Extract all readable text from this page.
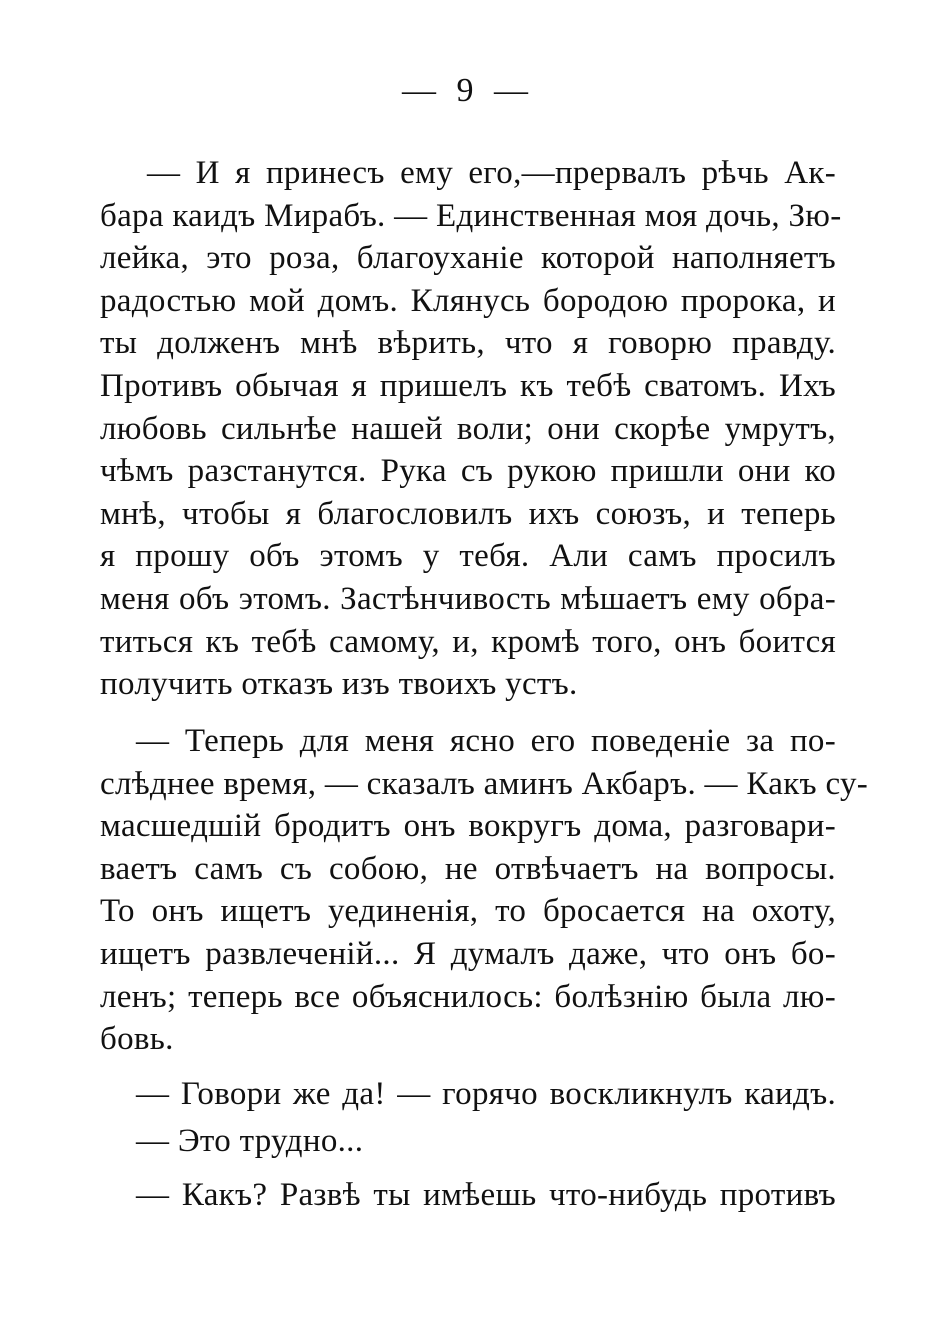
— 9 —
— И я принесъ ему его,—прервалъ рѣчь Ак-
бара каидъ Мирабъ. — Единственная моя дочь, Зю-
лейка, это роза, благоуханіе которой наполняетъ
радостью мой домъ. Клянусь бородою пророка, и
ты долженъ мнѣ вѣрить, что я говорю правду.
Противъ обычая я пришелъ къ тебѣ сватомъ. Ихъ
любовь сильнѣе нашей воли; они скорѣе умрутъ,
чѣмъ разстанутся. Рука съ рукою пришли они ко
мнѣ, чтобы я благословилъ ихъ союзъ, и теперь
я прошу объ этомъ у тебя. Али самъ просилъ
меня объ этомъ. Застѣнчивость мѣшаетъ ему обра-
титься къ тебѣ самому, и, кромѣ того, онъ боится
получить отказъ изъ твоихъ устъ.
— Теперь для меня ясно его поведеніе за по-
слѣднее время, — сказалъ аминъ Акбаръ. — Какъ су-
масшедшій бродитъ онъ вокругъ дома, разговари-
ваетъ самъ съ собою, не отвѣчаетъ на вопросы.
То онъ ищетъ уединенія, то бросается на охоту,
ищетъ развлеченій... Я думалъ даже, что онъ бо-
ленъ; теперь все объяснилось: болѣзнію была лю-
бовь.
— Говори же да! — горячо воскликнулъ каидъ.
— Это трудно...
— Какъ? Развѣ ты имѣешь что-нибудь противъ
